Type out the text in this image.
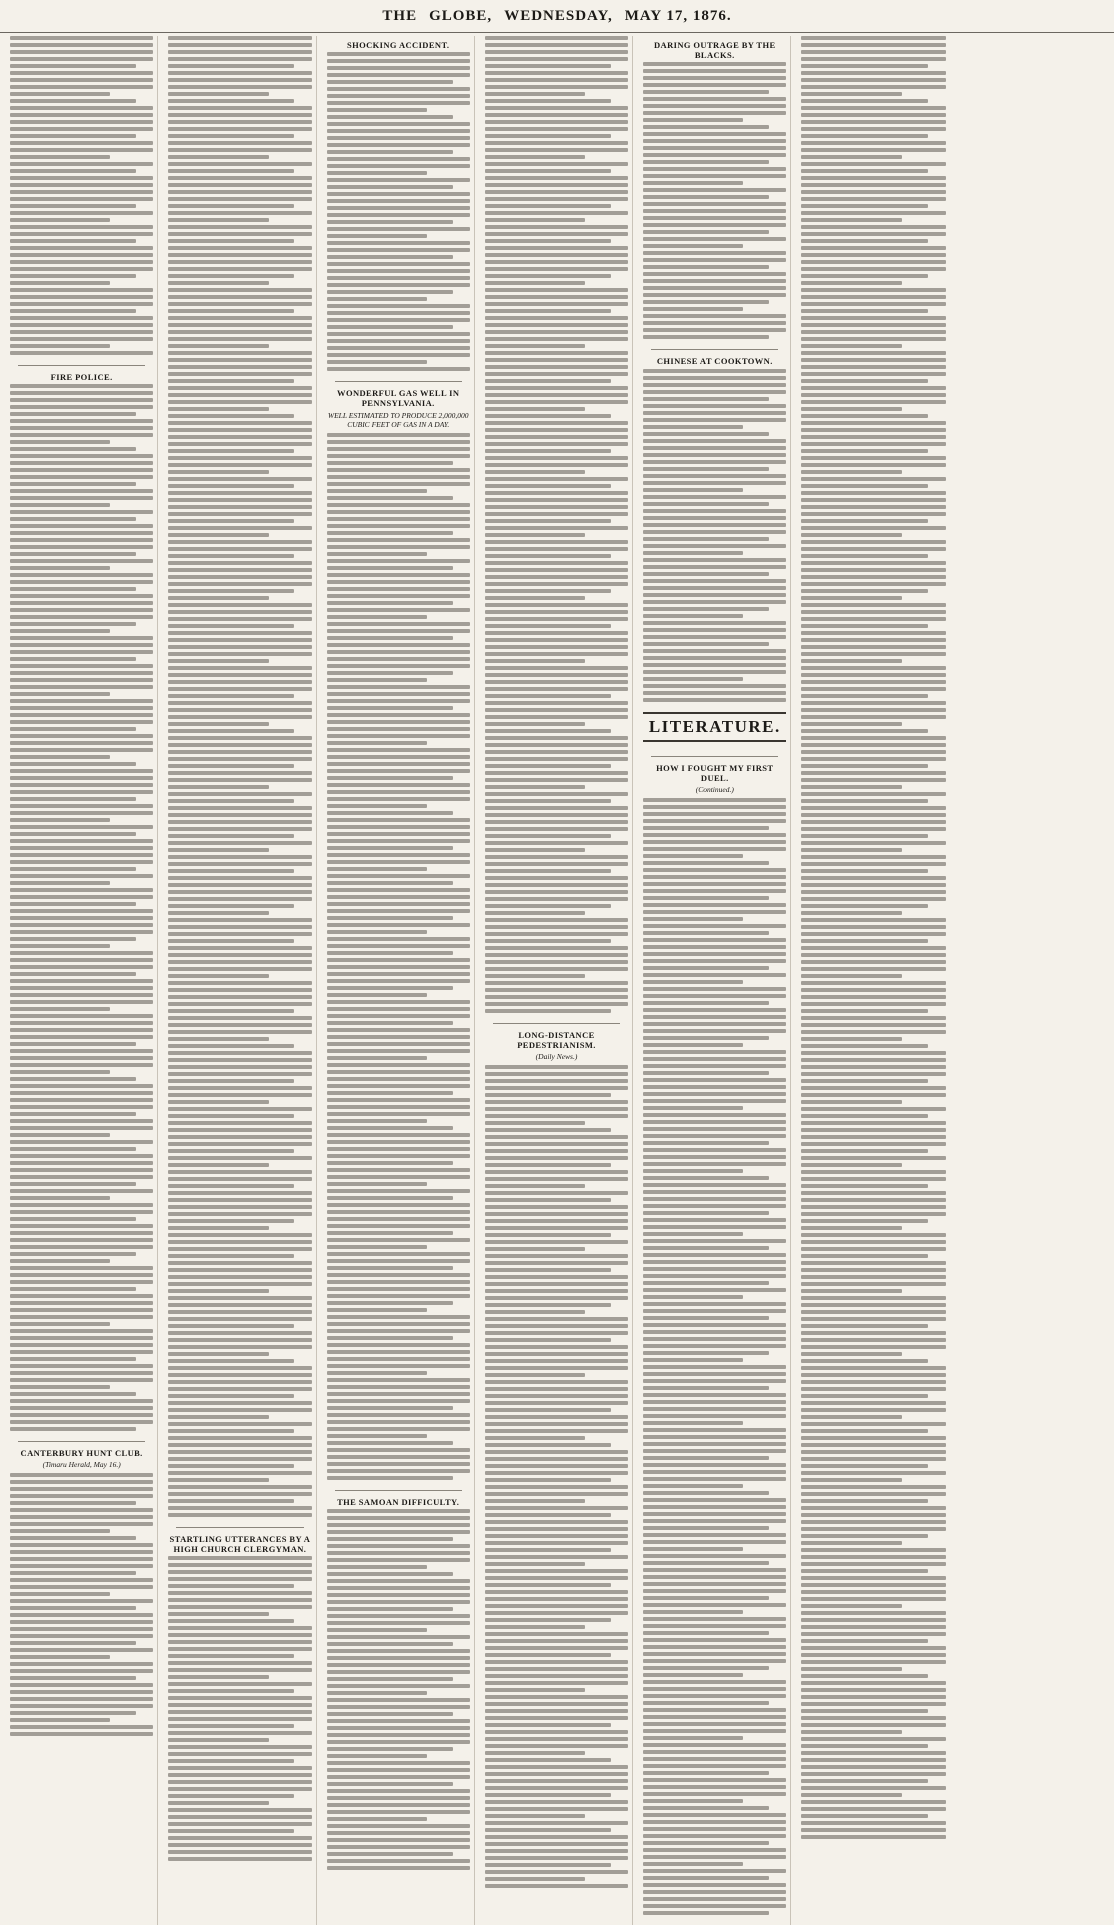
THE GLOBE, WEDNESDAY, MAY 17, 1876.
FIRE POLICE.
CANTERBURY HUNT CLUB.
(Timaru Herald, May 16.)
STARTLING UTTERANCES BY A HIGH CHURCH CLERGYMAN.
SHOCKING ACCIDENT.
WONDERFUL GAS WELL IN PENNSYLVANIA.
WELL ESTIMATED TO PRODUCE 2,000,000 CUBIC FEET OF GAS IN A DAY.
THE SAMOAN DIFFICULTY.
LONG-DISTANCE PEDESTRIANISM.
(Daily News.)
DARING OUTRAGE BY THE BLACKS.
CHINESE AT COOKTOWN.
LITERATURE.
HOW I FOUGHT MY FIRST DUEL.
(Continued.)
